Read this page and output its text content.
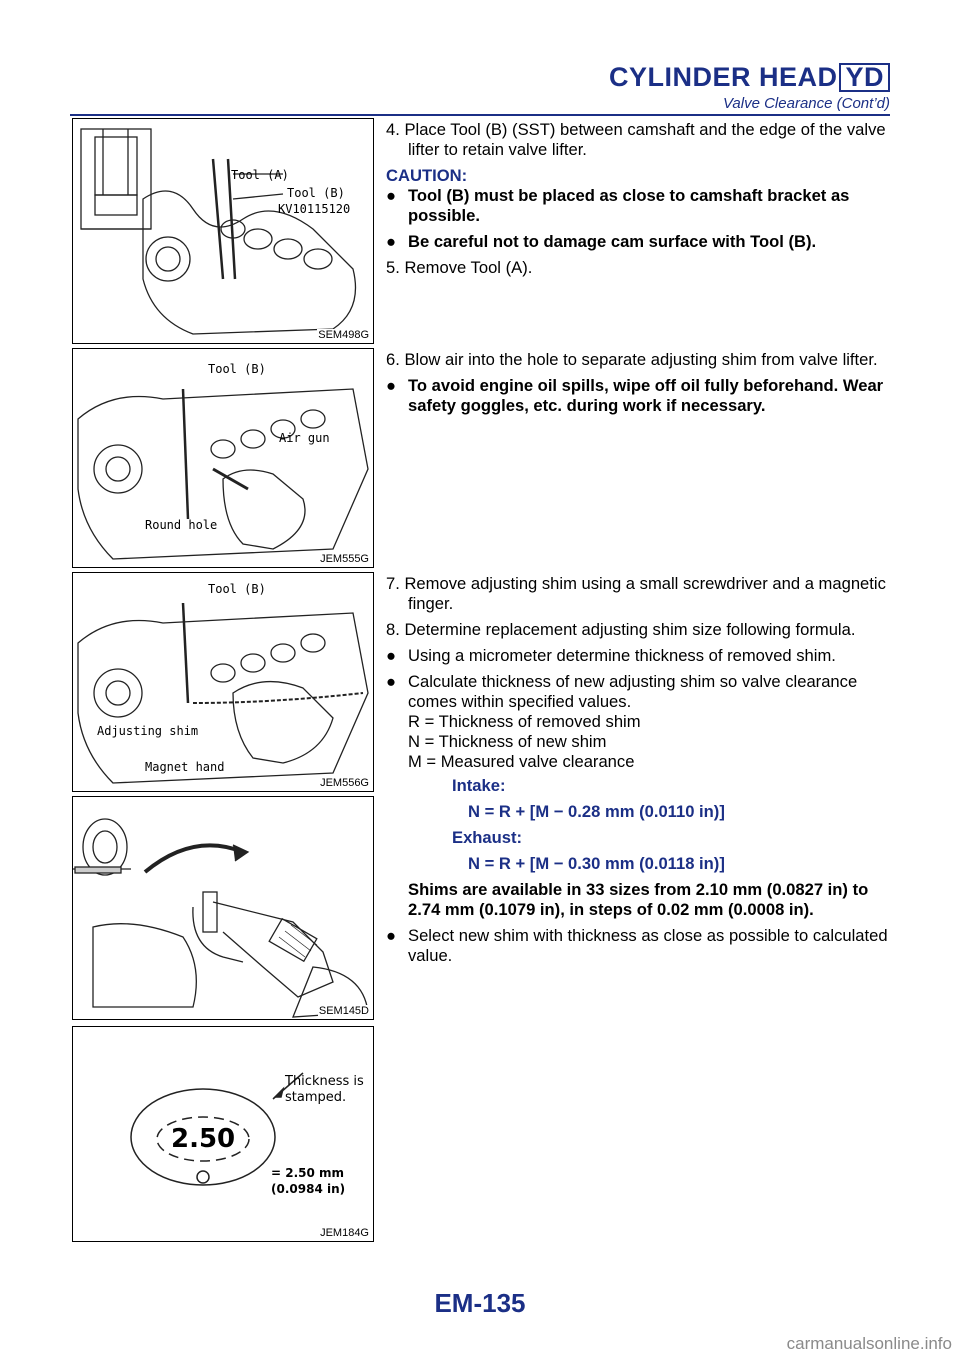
CYLINDER HEAD YD
Valve Clearance (Cont’d)
Tool (A)
Tool (B)
KV10115120
SEM498G
Tool (B)
Air gun
Round hole
JEM555G
Tool (B)
Adjusting shim
Magnet hand
JEM556G
SEM145D
2.50
Thickness is
stamped.
= 2.50 mm
(0.0984 in)
JEM184G

4. Place Tool (B) (SST) between camshaft and the edge of the valve lifter to retain valve lifter.

CAUTION:

● Tool (B) must be placed as close to camshaft bracket as possible.

● Be careful not to damage cam surface with Tool (B).

5. Remove Tool (A).

6. Blow air into the hole to separate adjusting shim from valve lifter.

● To avoid engine oil spills, wipe off oil fully beforehand. Wear safety goggles, etc. during work if necessary.

7. Remove adjusting shim using a small screwdriver and a magnetic finger.

8. Determine replacement adjusting shim size following formula.

● Using a micrometer determine thickness of removed shim.

● Calculate thickness of new adjusting shim so valve clearance comes within specified values.

R = Thickness of removed shim

N = Thickness of new shim

M = Measured valve clearance

Intake:

N = R + [M − 0.28 mm (0.0110 in)]

Exhaust:

N = R + [M − 0.30 mm (0.0118 in)]

Shims are available in 33 sizes from 2.10 mm (0.0827 in) to 2.74 mm (0.1079 in), in steps of 0.02 mm (0.0008 in).

● Select new shim with thickness as close as possible to calculated value.

EM-135
carmanualsonline.info
